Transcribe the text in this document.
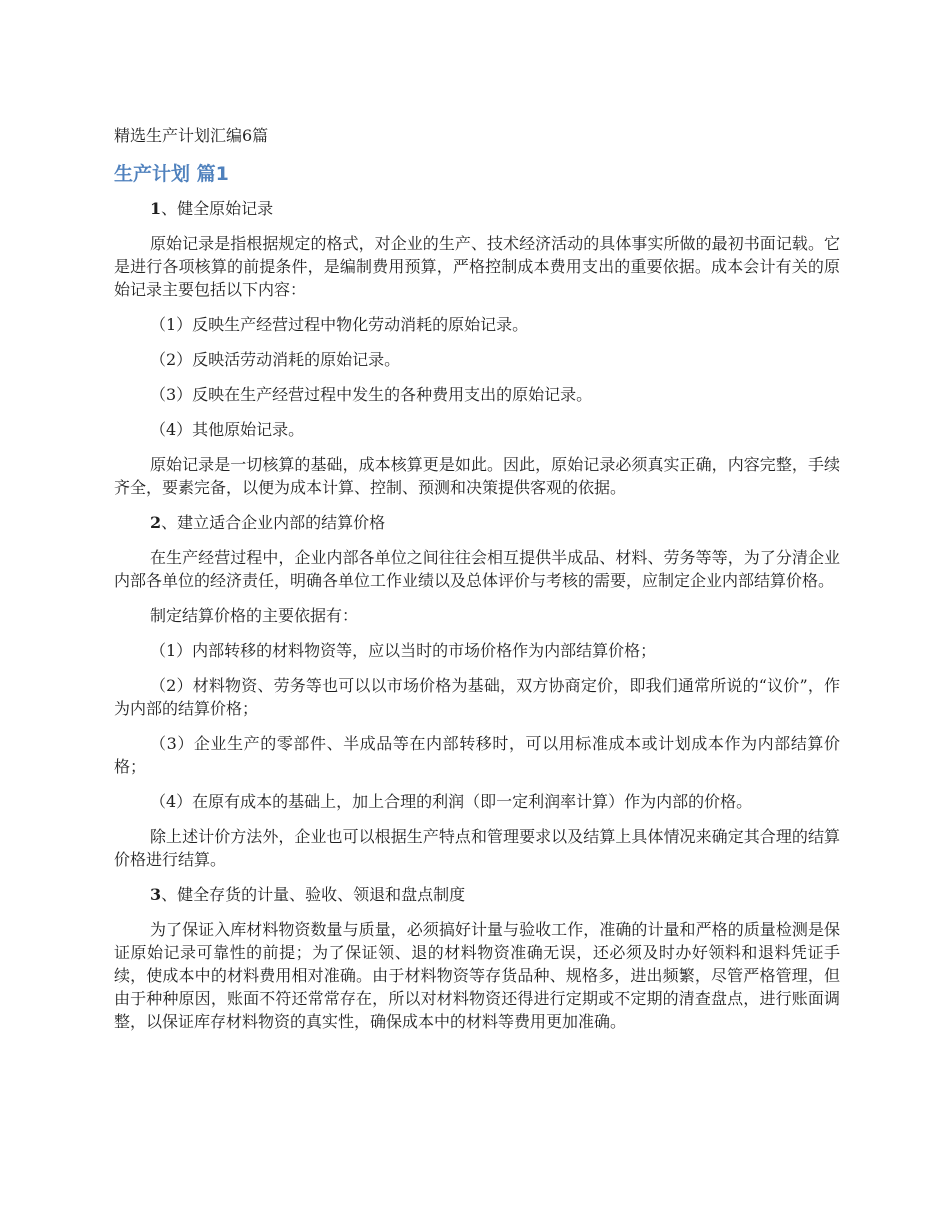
精选生产计划汇编6篇
生产计划 篇1

1、健全原始记录

原始记录是指根据规定的格式，对企业的生产、技术经济活动的具体事实所做的最初书面记载。它是进行各项核算的前提条件，是编制费用预算，严格控制成本费用支出的重要依据。成本会计有关的原始记录主要包括以下内容：

（1）反映生产经营过程中物化劳动消耗的原始记录。

（2）反映活劳动消耗的原始记录。

（3）反映在生产经营过程中发生的各种费用支出的原始记录。

（4）其他原始记录。

原始记录是一切核算的基础，成本核算更是如此。因此，原始记录必须真实正确，内容完整，手续齐全，要素完备，以便为成本计算、控制、预测和决策提供客观的依据。

2、建立适合企业内部的结算价格

在生产经营过程中，企业内部各单位之间往往会相互提供半成品、材料、劳务等等，为了分清企业内部各单位的经济责任，明确各单位工作业绩以及总体评价与考核的需要，应制定企业内部结算价格。

制定结算价格的主要依据有：

（1）内部转移的材料物资等，应以当时的市场价格作为内部结算价格；

（2）材料物资、劳务等也可以以市场价格为基础，双方协商定价，即我们通常所说的“议价”，作为内部的结算价格；

（3）企业生产的零部件、半成品等在内部转移时，可以用标准成本或计划成本作为内部结算价格；

（4）在原有成本的基础上，加上合理的利润（即一定利润率计算）作为内部的价格。

除上述计价方法外，企业也可以根据生产特点和管理要求以及结算上具体情况来确定其合理的结算价格进行结算。

3、健全存货的计量、验收、领退和盘点制度

为了保证入库材料物资数量与质量，必须搞好计量与验收工作，准确的计量和严格的质量检测是保证原始记录可靠性的前提；为了保证领、退的材料物资准确无误，还必须及时办好领料和退料凭证手续，使成本中的材料费用相对准确。由于材料物资等存货品种、规格多，进出频繁，尽管严格管理，但由于种种原因，账面不符还常常存在，所以对材料物资还得进行定期或不定期的清查盘点，进行账面调整，以保证库存材料物资的真实性，确保成本中的材料等费用更加准确。
